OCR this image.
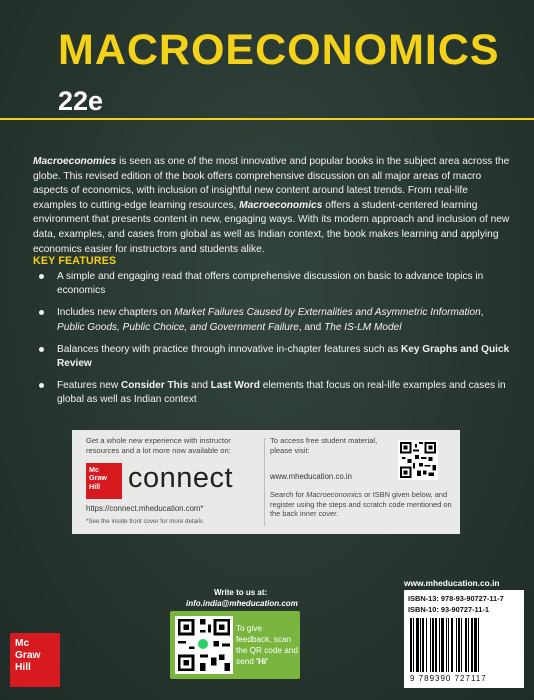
MACROECONOMICS
22e
Macroeconomics is seen as one of the most innovative and popular books in the subject area across the globe. This revised edition of the book offers comprehensive discussion on all major areas of macro aspects of economics, with inclusion of insightful new content around latest trends. From real-life examples to cutting-edge learning resources, Macroeconomics offers a student-centered learning environment that presents content in new, engaging ways. With its modern approach and inclusion of new data, examples, and cases from global as well as Indian context, the book makes learning and applying economics easier for instructors and students alike.
KEY FEATURES
A simple and engaging read that offers comprehensive discussion on basic to advance topics in economics
Includes new chapters on Market Failures Caused by Externalities and Asymmetric Information, Public Goods, Public Choice, and Government Failure, and The IS-LM Model
Balances theory with practice through innovative in-chapter features such as Key Graphs and Quick Review
Features new Consider This and Last Word elements that focus on real-life examples and cases in global as well as Indian context
Get a whole new experience with instructor resources and a lot more now available on:
Mc
Graw
Hill connect
https://connect.mheducation.com*
*See the inside front cover for more details
To access free student material, please visit:
www.mheducation.co.in
Search for Macroeconomics or ISBN given below, and register using the steps and scratch code mentioned on the back inner cover.
Mc
Graw
Hill
Write to us at:
info.india@mheducation.com
To give feedback, scan the QR code and send 'Hi'
www.mheducation.co.in
ISBN-13: 978-93-90727-11-7
ISBN-10: 93-90727-11-1
9 789390 727117
